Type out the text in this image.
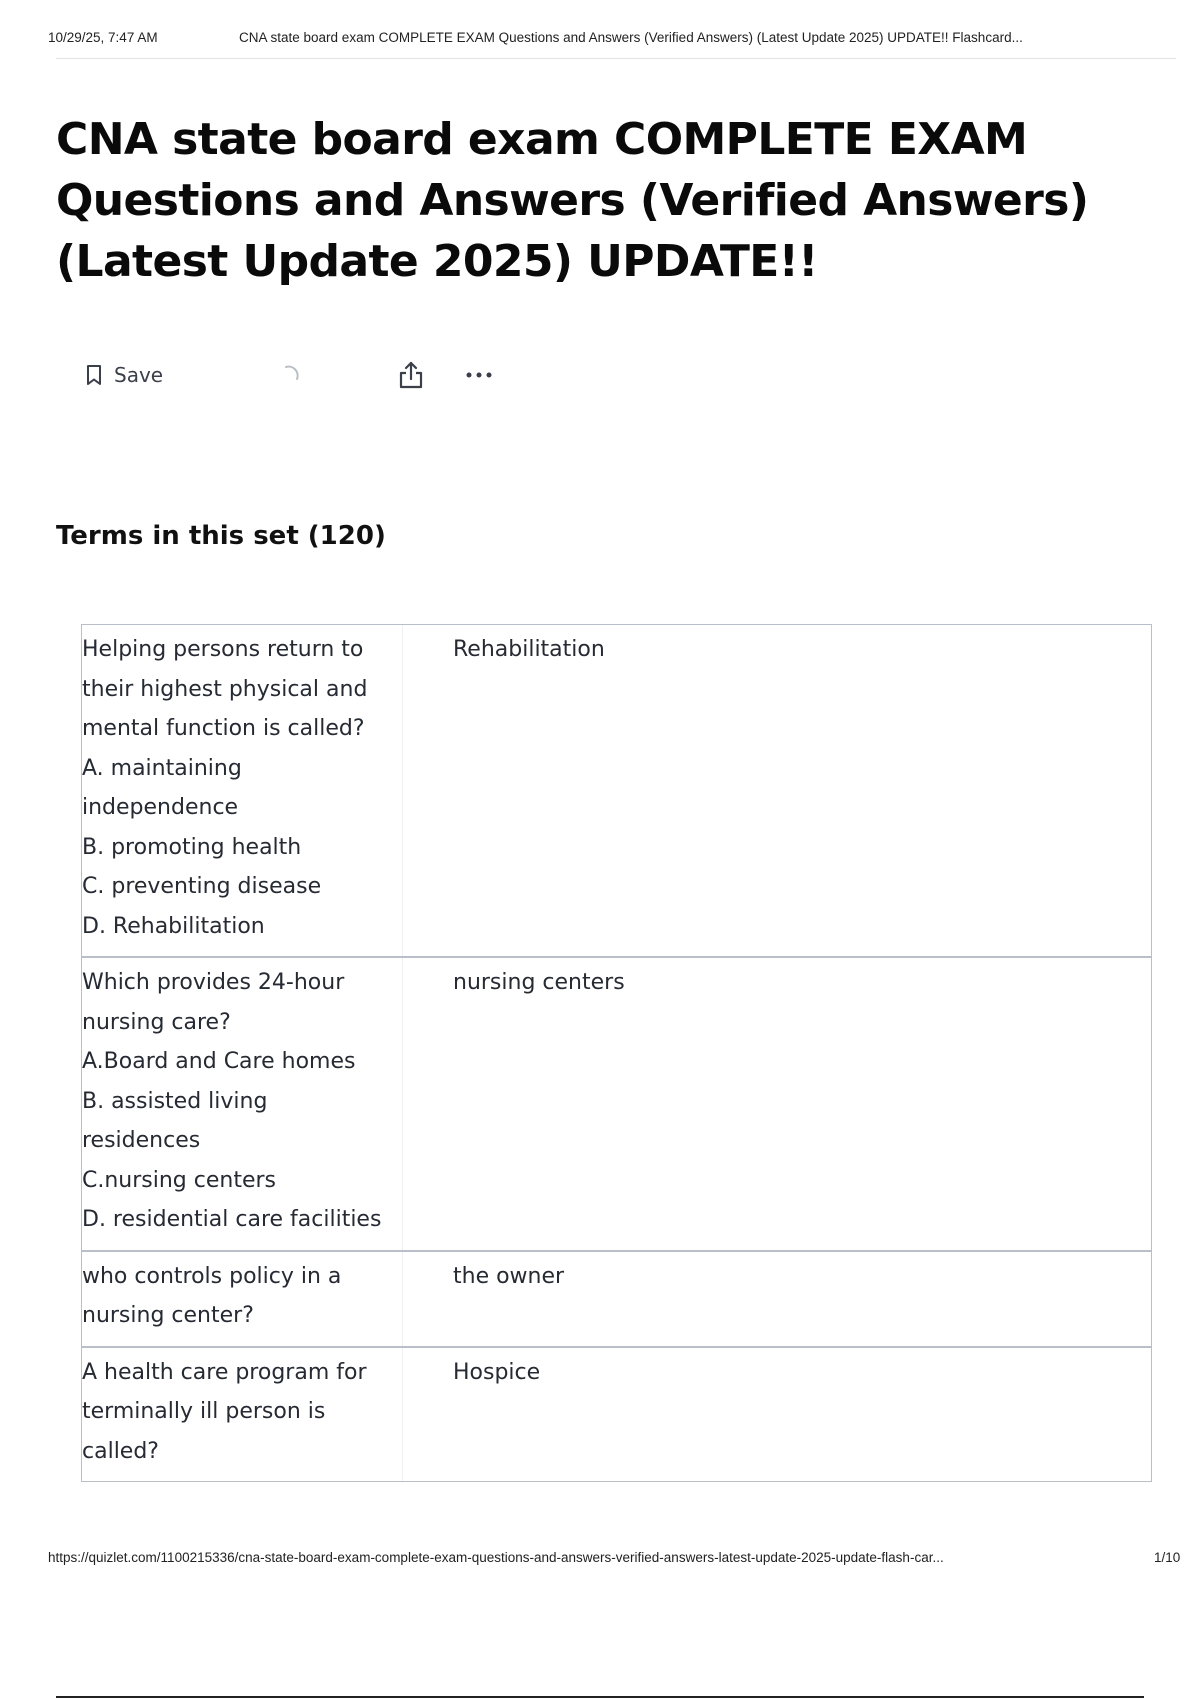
10/29/25, 7:47 AM	CNA state board exam COMPLETE EXAM Questions and Answers (Verified Answers) (Latest Update 2025) UPDATE!! Flashcard...
CNA state board exam COMPLETE EXAM Questions and Answers (Verified Answers) (Latest Update 2025) UPDATE!!
Save
Terms in this set (120)
Helping persons return to
their highest physical and
mental function is called?
A. maintaining
independence
B. promoting health
C. preventing disease
D. Rehabilitation
Rehabilitation
Which provides 24-hour
nursing care?
A.Board and Care homes
B. assisted living
residences
C.nursing centers
D. residential care facilities
nursing centers
who controls policy in a
nursing center?
the owner
A health care program for
terminally ill person is
called?
Hospice
https://quizlet.com/1100215336/cna-state-board-exam-complete-exam-questions-and-answers-verified-answers-latest-update-2025-update-flash-car...	1/10
